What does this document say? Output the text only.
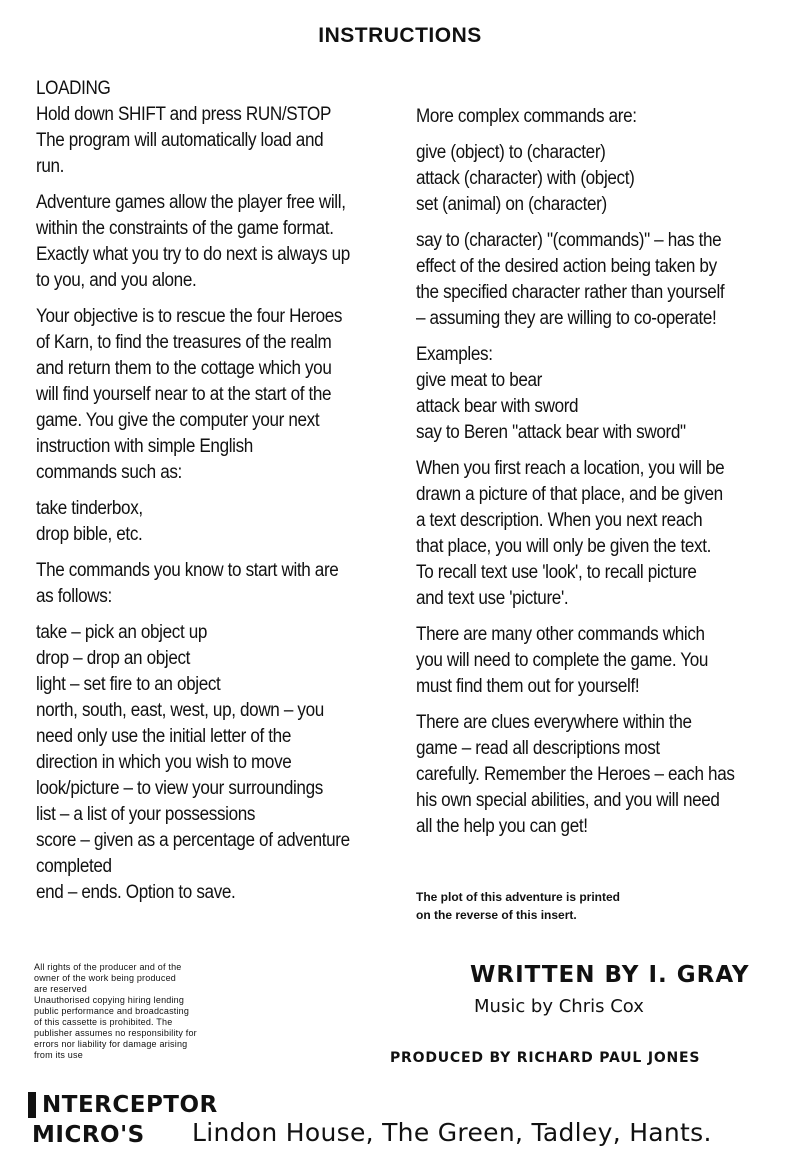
INSTRUCTIONS

LOADING
Hold down SHIFT and press RUN/STOP
The program will automatically load and
run.

Adventure games allow the player free will,
within the constraints of the game format.
Exactly what you try to do next is always up
to you, and you alone.

Your objective is to rescue the four Heroes
of Karn, to find the treasures of the realm
and return them to the cottage which you
will find yourself near to at the start of the
game. You give the computer your next
instruction with simple English
commands such as:

take tinderbox,
drop bible, etc.

The commands you know to start with are
as follows:

take – pick an object up
drop – drop an object
light – set fire to an object
north, south, east, west, up, down – you
need only use the initial letter of the
direction in which you wish to move
look/picture – to view your surroundings
list – a list of your possessions
score – given as a percentage of adventure
completed
end – ends. Option to save.

More complex commands are:

give (object) to (character)
attack (character) with (object)
set (animal) on (character)

say to (character) "(commands)" – has the
effect of the desired action being taken by
the specified character rather than yourself
– assuming they are willing to co-operate!

Examples:
give meat to bear
attack bear with sword
say to Beren "attack bear with sword"

When you first reach a location, you will be
drawn a picture of that place, and be given
a text description. When you next reach
that place, you will only be given the text.
To recall text use 'look', to recall picture
and text use 'picture'.

There are many other commands which
you will need to complete the game. You
must find them out for yourself!

There are clues everywhere within the
game – read all descriptions most
carefully. Remember the Heroes – each has
his own special abilities, and you will need
all the help you can get!

The plot of this adventure is printed
on the reverse of this insert.
All rights of the producer and of the
owner of the work being produced
are reserved
Unauthorised copying hiring lending
public performance and broadcasting
of this cassette is prohibited. The
publisher assumes no responsibility for
errors nor liability for damage arising
from its use
WRITTEN BY I. GRAY
Music by Chris Cox
PRODUCED BY RICHARD PAUL JONES
NTERCEPTOR
MICRO'S Lindon House, The Green, Tadley, Hants.
